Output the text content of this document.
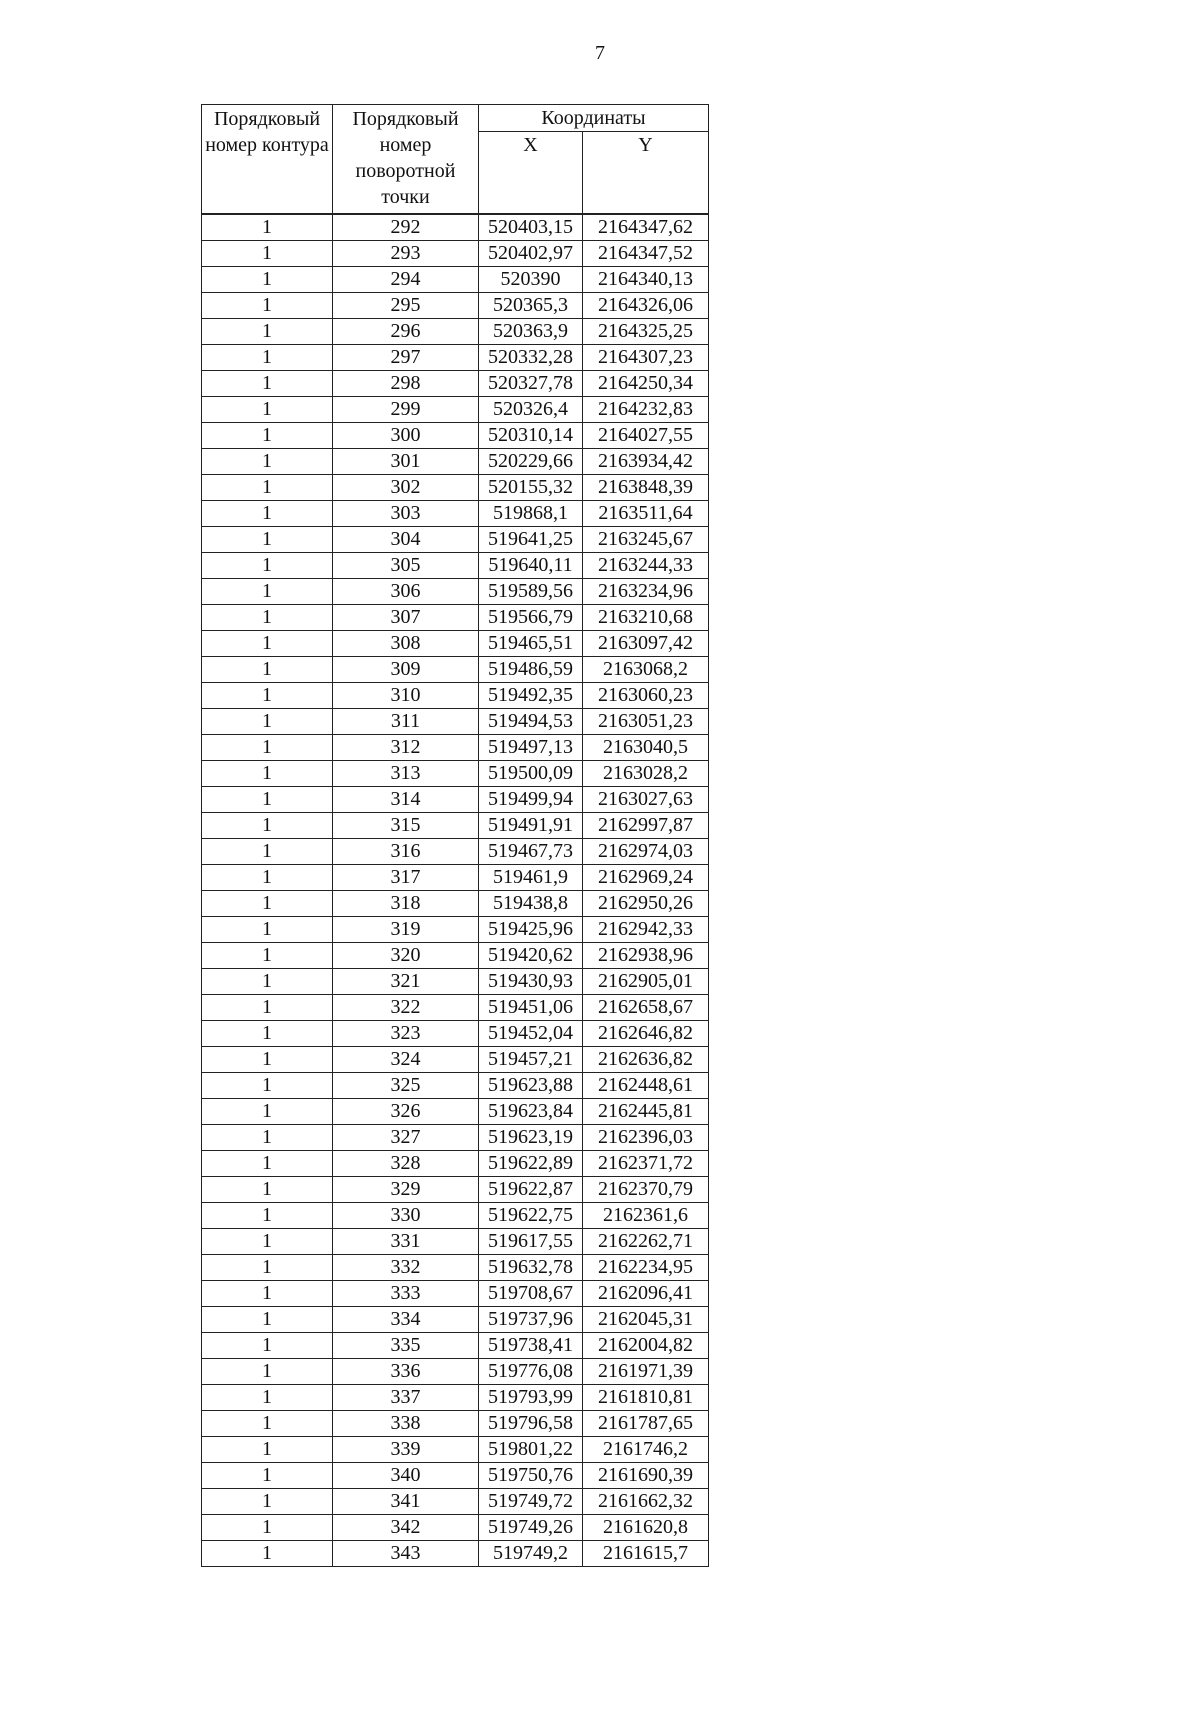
7
Порядковый номер контура	Порядковый номер поворотной точки	Координаты	
		X	Y
1	292	520403,15	2164347,62
1	293	520402,97	2164347,52
1	294	520390	2164340,13
1	295	520365,3	2164326,06
1	296	520363,9	2164325,25
1	297	520332,28	2164307,23
1	298	520327,78	2164250,34
1	299	520326,4	2164232,83
1	300	520310,14	2164027,55
1	301	520229,66	2163934,42
1	302	520155,32	2163848,39
1	303	519868,1	2163511,64
1	304	519641,25	2163245,67
1	305	519640,11	2163244,33
1	306	519589,56	2163234,96
1	307	519566,79	2163210,68
1	308	519465,51	2163097,42
1	309	519486,59	2163068,2
1	310	519492,35	2163060,23
1	311	519494,53	2163051,23
1	312	519497,13	2163040,5
1	313	519500,09	2163028,2
1	314	519499,94	2163027,63
1	315	519491,91	2162997,87
1	316	519467,73	2162974,03
1	317	519461,9	2162969,24
1	318	519438,8	2162950,26
1	319	519425,96	2162942,33
1	320	519420,62	2162938,96
1	321	519430,93	2162905,01
1	322	519451,06	2162658,67
1	323	519452,04	2162646,82
1	324	519457,21	2162636,82
1	325	519623,88	2162448,61
1	326	519623,84	2162445,81
1	327	519623,19	2162396,03
1	328	519622,89	2162371,72
1	329	519622,87	2162370,79
1	330	519622,75	2162361,6
1	331	519617,55	2162262,71
1	332	519632,78	2162234,95
1	333	519708,67	2162096,41
1	334	519737,96	2162045,31
1	335	519738,41	2162004,82
1	336	519776,08	2161971,39
1	337	519793,99	2161810,81
1	338	519796,58	2161787,65
1	339	519801,22	2161746,2
1	340	519750,76	2161690,39
1	341	519749,72	2161662,32
1	342	519749,26	2161620,8
1	343	519749,2	2161615,7
